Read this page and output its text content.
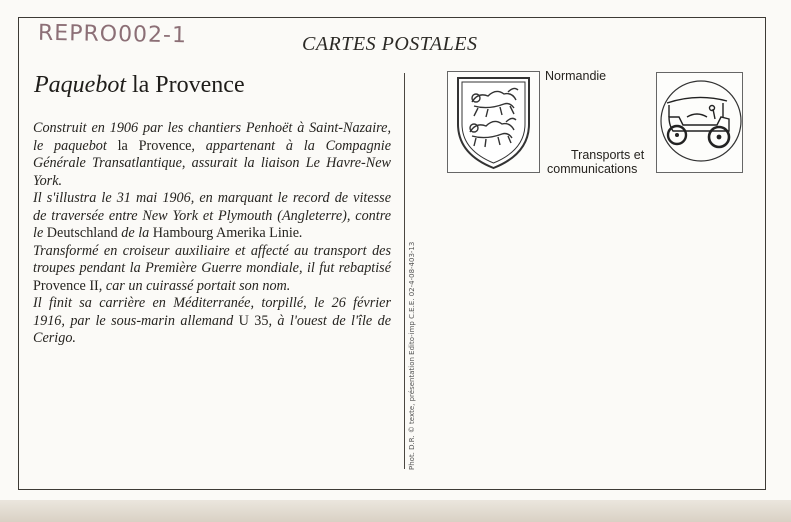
REPRO002-1	CARTES POSTALES
Paquebot la Provence

Construit en 1906 par les chantiers Penhoët à Saint-Nazaire, le paquebot la Provence, appartenant à la Compagnie Générale Transatlantique, assurait la liaison Le Havre-New York.

Il s'illustra le 31 mai 1906, en marquant le record de vitesse de traversée entre New York et Plymouth (Angleterre), contre le Deutschland de la Hambourg Amerika Linie.

Transformé en croiseur auxiliaire et affecté au transport des troupes pendant la Première Guerre mondiale, il fut rebaptisé Provence II, car un cuirassé portait son nom.

Il finit sa carrière en Méditerranée, torpillé, le 26 février 1916, par le sous-marin allemand U 35, à l'ouest de l'île de Cerigo.	Phot. D.R. © texte, présentation Edito-imp C.E.E. 02-4-08-403-13
Normandie
Transports et
communications
